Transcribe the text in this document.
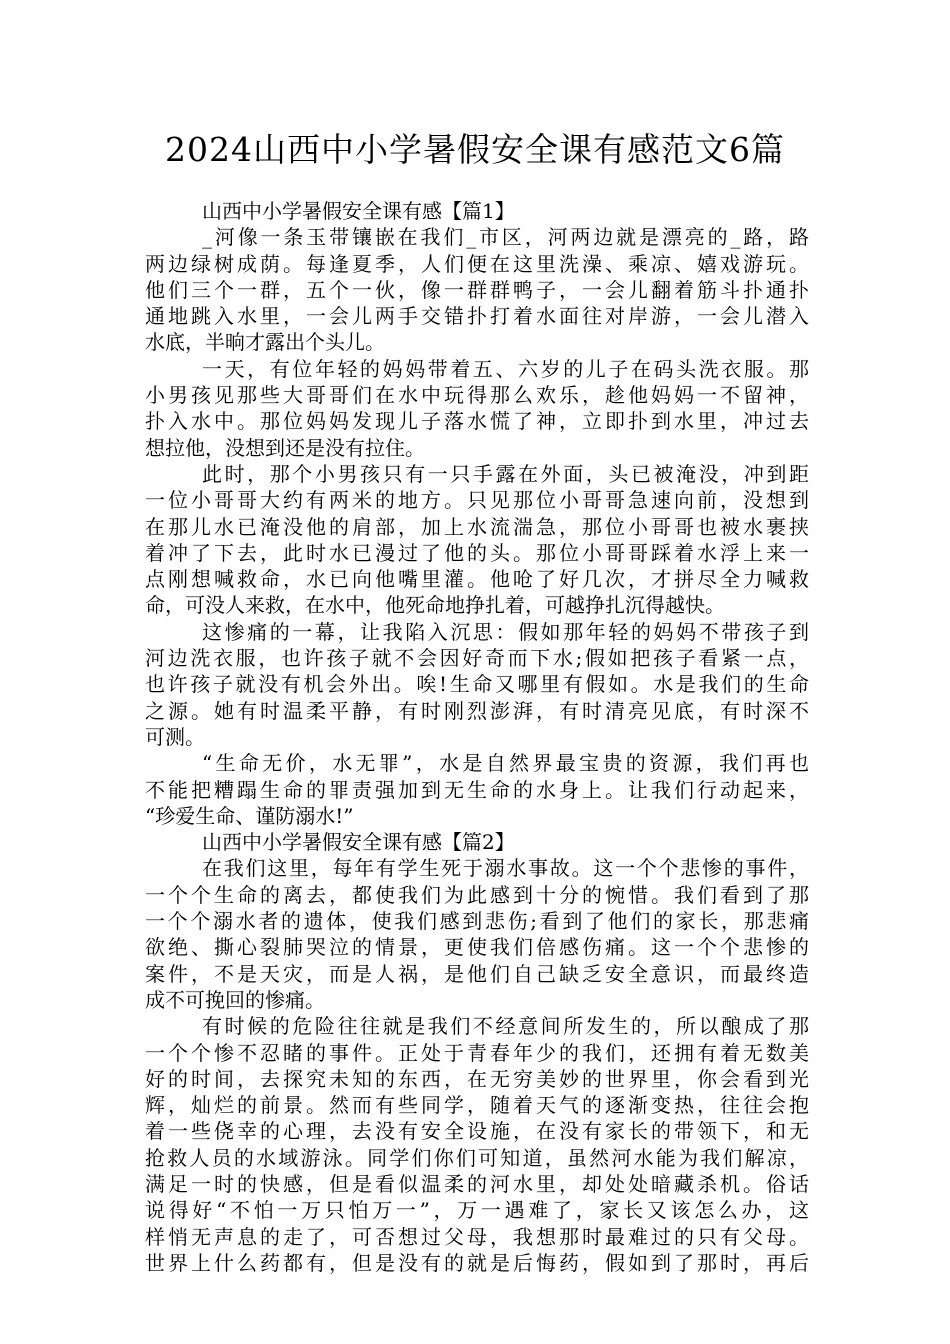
2024山西中小学暑假安全课有感范文6篇
山西中小学暑假安全课有感【篇1】
_河像一条玉带镶嵌在我们_市区，河两边就是漂亮的_路，路
两边绿树成荫。每逢夏季，人们便在这里洗澡、乘凉、嬉戏游玩。
他们三个一群，五个一伙，像一群群鸭子，一会儿翻着筋斗扑通扑
通地跳入水里，一会儿两手交错扑打着水面往对岸游，一会儿潜入
水底，半晌才露出个头儿。
一天，有位年轻的妈妈带着五、六岁的儿子在码头洗衣服。那
小男孩见那些大哥哥们在水中玩得那么欢乐，趁他妈妈一不留神，
扑入水中。那位妈妈发现儿子落水慌了神，立即扑到水里，冲过去
想拉他，没想到还是没有拉住。
此时，那个小男孩只有一只手露在外面，头已被淹没，冲到距
一位小哥哥大约有两米的地方。只见那位小哥哥急速向前，没想到
在那儿水已淹没他的肩部，加上水流湍急，那位小哥哥也被水裹挟
着冲了下去，此时水已漫过了他的头。那位小哥哥踩着水浮上来一
点刚想喊救命，水已向他嘴里灌。他呛了好几次，才拼尽全力喊救
命，可没人来救，在水中，他死命地挣扎着，可越挣扎沉得越快。
这惨痛的一幕，让我陷入沉思：假如那年轻的妈妈不带孩子到
河边洗衣服，也许孩子就不会因好奇而下水;假如把孩子看紧一点，
也许孩子就没有机会外出。唉!生命又哪里有假如。水是我们的生命
之源。她有时温柔平静，有时刚烈澎湃，有时清亮见底，有时深不
可测。
“生命无价，水无罪”，水是自然界最宝贵的资源，我们再也
不能把糟蹋生命的罪责强加到无生命的水身上。让我们行动起来，
“珍爱生命、谨防溺水!”
山西中小学暑假安全课有感【篇2】
在我们这里，每年有学生死于溺水事故。这一个个悲惨的事件，
一个个生命的离去，都使我们为此感到十分的惋惜。我们看到了那
一个个溺水者的遗体，使我们感到悲伤;看到了他们的家长，那悲痛
欲绝、撕心裂肺哭泣的情景，更使我们倍感伤痛。这一个个悲惨的
案件，不是天灾，而是人祸，是他们自己缺乏安全意识，而最终造
成不可挽回的惨痛。
有时候的危险往往就是我们不经意间所发生的，所以酿成了那
一个个惨不忍睹的事件。正处于青春年少的我们，还拥有着无数美
好的时间，去探究未知的东西，在无穷美妙的世界里，你会看到光
辉，灿烂的前景。然而有些同学，随着天气的逐渐变热，往往会抱
着一些侥幸的心理，去没有安全设施，在没有家长的带领下，和无
抢救人员的水域游泳。同学们你们可知道，虽然河水能为我们解凉，
满足一时的快感，但是看似温柔的河水里，却处处暗藏杀机。俗话
说得好“不怕一万只怕万一”，万一遇难了，家长又该怎么办，这
样悄无声息的走了，可否想过父母，我想那时最难过的只有父母。
世界上什么药都有，但是没有的就是后悔药，假如到了那时，再后
